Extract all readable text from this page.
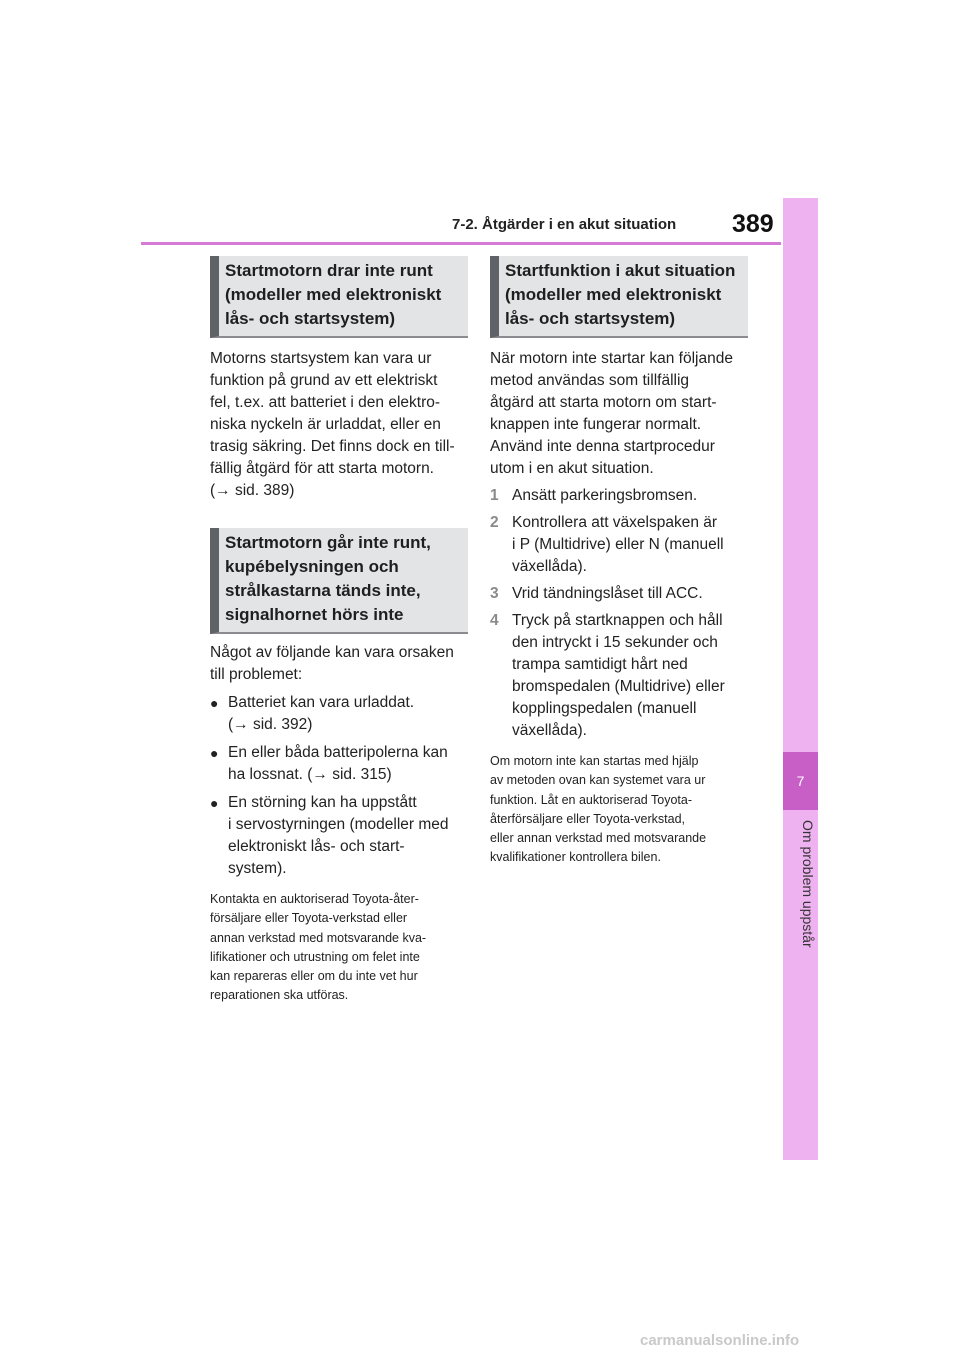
7-2. Åtgärder i en akut situation 389
7
Om problem uppstår
Startmotorn drar inte runt
(modeller med elektroniskt
lås- och startsystem)

Motorns startsystem kan vara ur

funktion på grund av ett elektriskt

fel, t.ex. att batteriet i den elektro-

niska nyckeln är urladdat, eller en

trasig säkring. Det finns dock en till-

fällig åtgärd för att starta motorn.

(→ sid. 389)

Startmotorn går inte runt,
kupébelysningen och
strålkastarna tänds inte,
signalhornet hörs inte

Något av följande kan vara orsaken

till problemet:

● Batteriet kan vara urladdat.
(→ sid. 392)
● En eller båda batteripolerna kan
ha lossnat. (→ sid. 315)
● En störning kan ha uppstått
i servostyrningen (modeller med
elektroniskt lås- och start-
system).

Kontakta en auktoriserad Toyota-åter-

försäljare eller Toyota-verkstad eller

annan verkstad med motsvarande kva-

lifikationer och utrustning om felet inte

kan repareras eller om du inte vet hur

reparationen ska utföras.

Startfunktion i akut situation
(modeller med elektroniskt
lås- och startsystem)

När motorn inte startar kan följande

metod användas som tillfällig

åtgärd att starta motorn om start-

knappen inte fungerar normalt.

Använd inte denna startprocedur

utom i en akut situation.

1 Ansätt parkeringsbromsen.
2 Kontrollera att växelspaken är
i P (Multidrive) eller N (manuell
växellåda).
3 Vrid tändningslåset till ACC.
4 Tryck på startknappen och håll
den intryckt i 15 sekunder och
trampa samtidigt hårt ned
bromspedalen (Multidrive) eller
kopplingspedalen (manuell
växellåda).

Om motorn inte kan startas med hjälp

av metoden ovan kan systemet vara ur

funktion. Låt en auktoriserad Toyota-

återförsäljare eller Toyota-verkstad,

eller annan verkstad med motsvarande

kvalifikationer kontrollera bilen.

carmanualsonline.info
